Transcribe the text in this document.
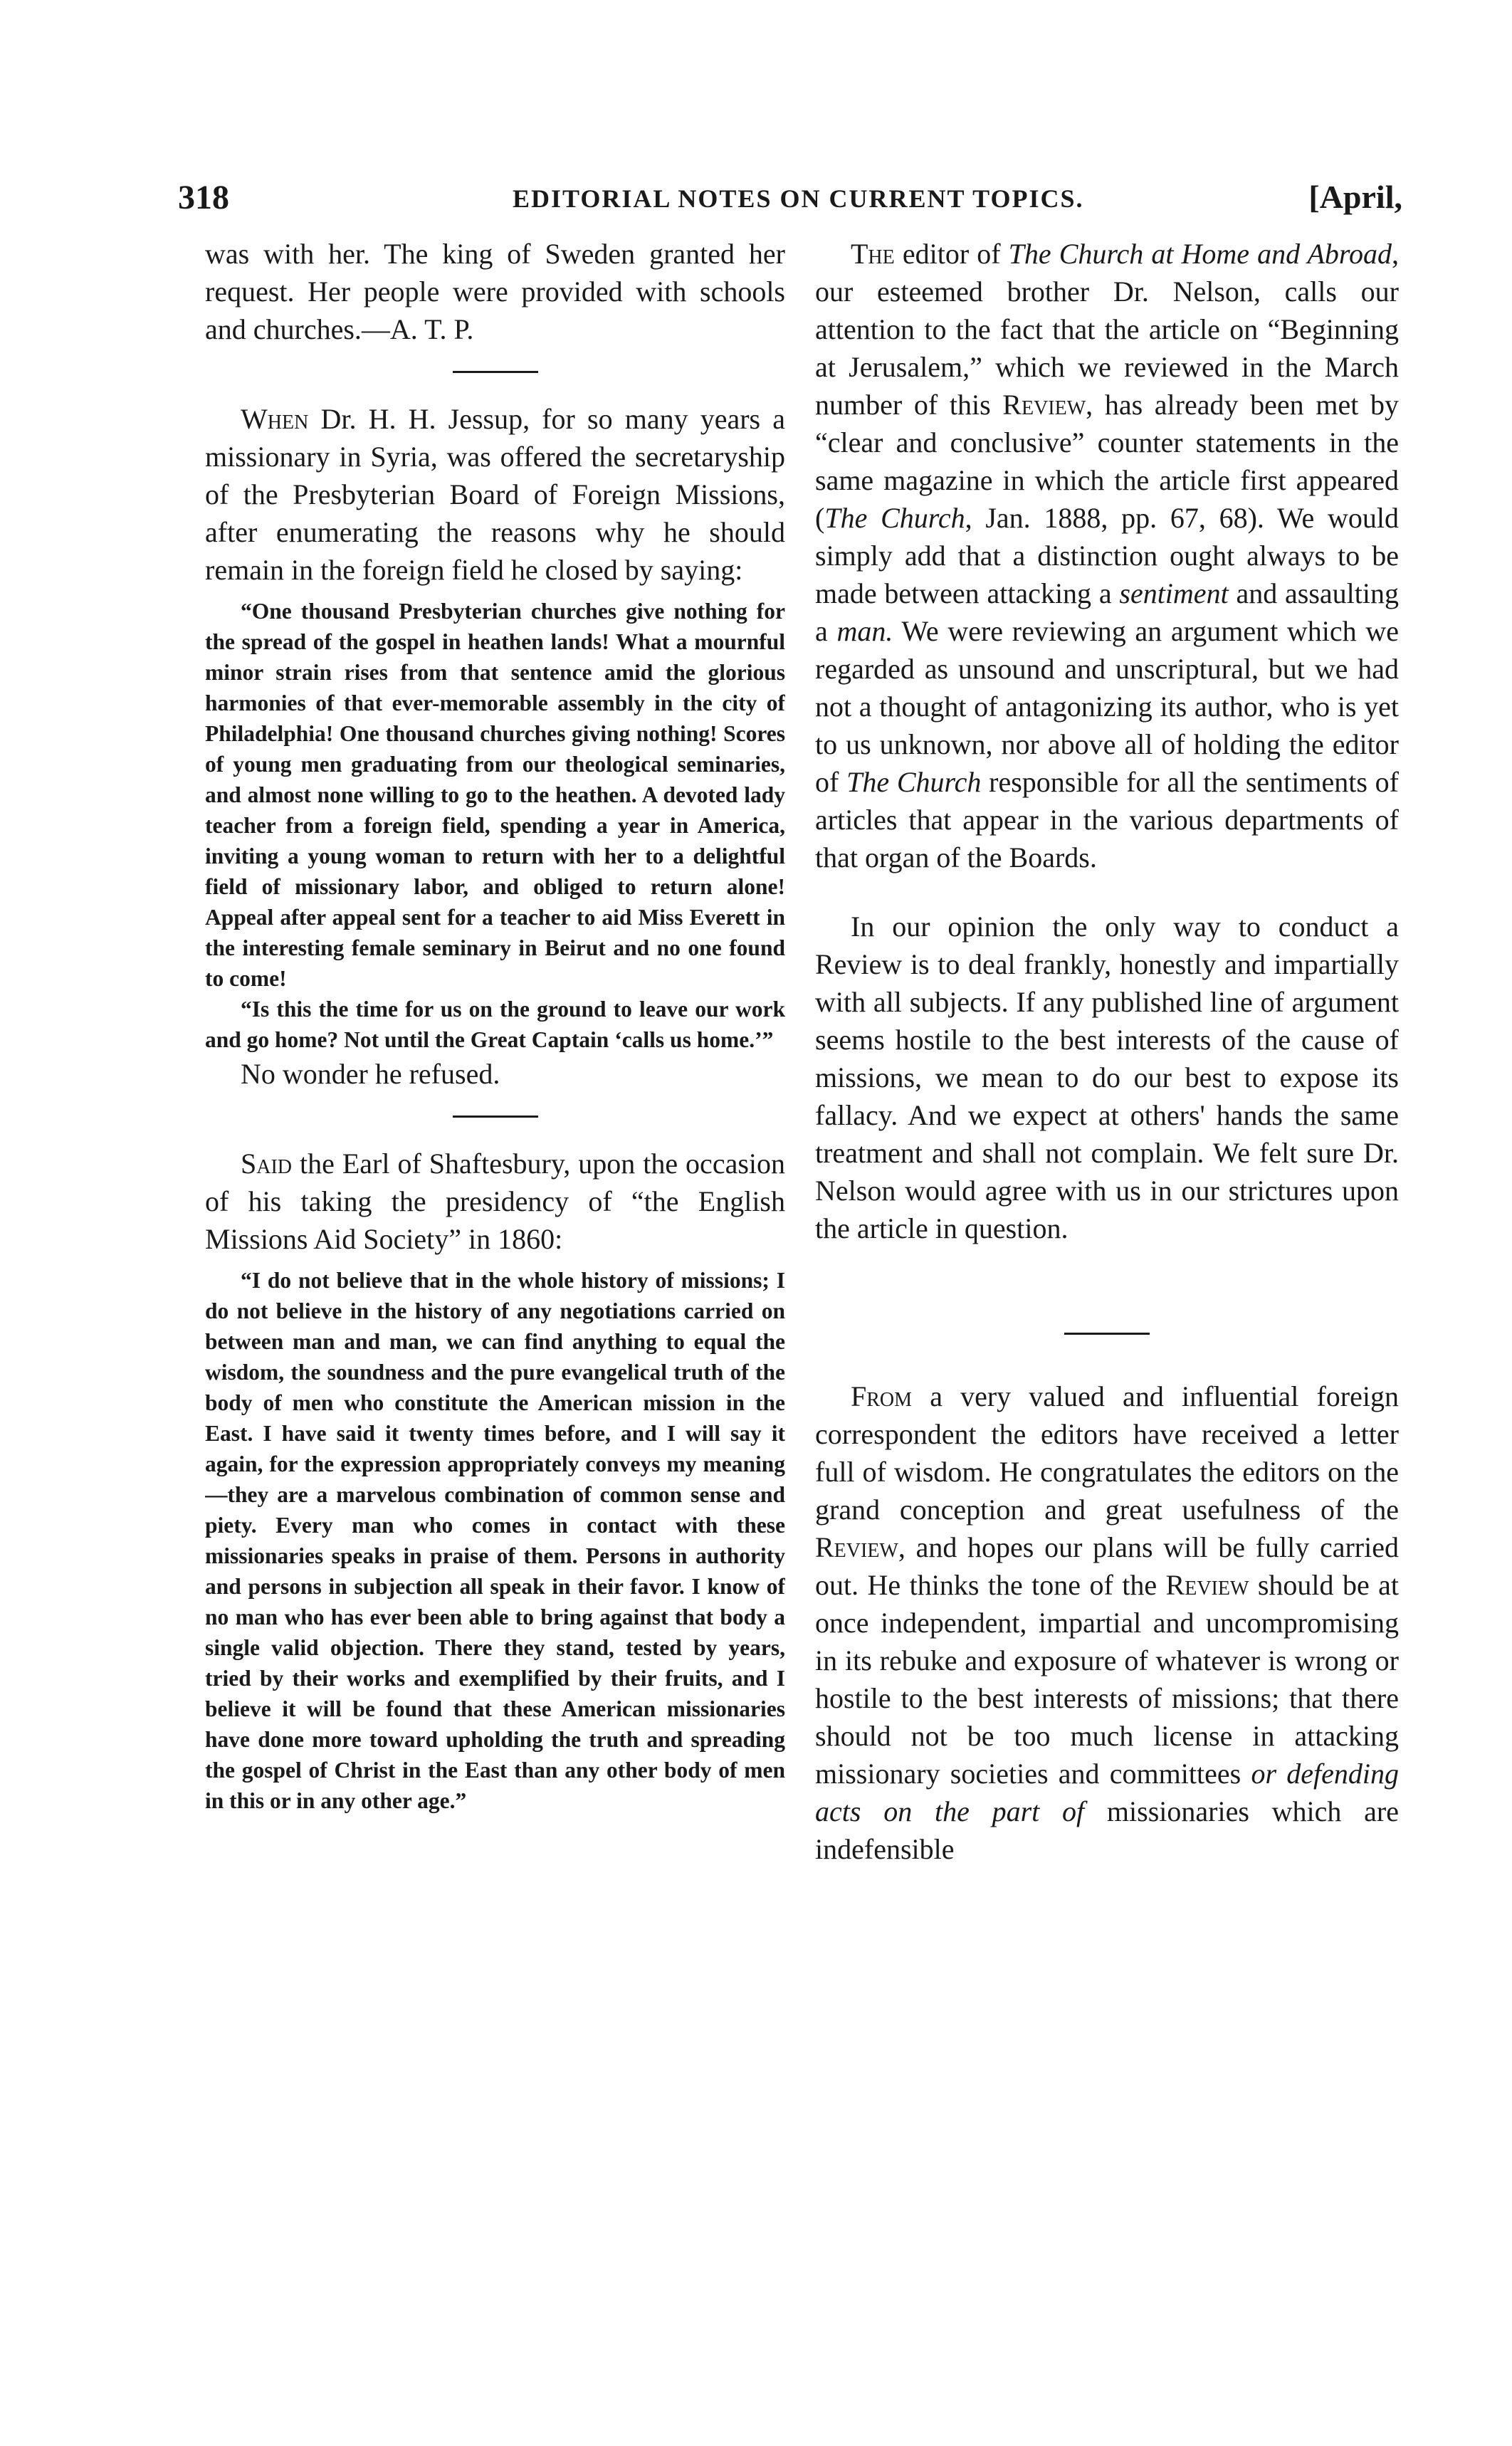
318	EDITORIAL NOTES ON CURRENT TOPICS.	[April,

was with her. The king of Sweden granted her request. Her people were provided with schools and churches.—A. T. P.

When Dr. H. H. Jessup, for so many years a missionary in Syria, was offered the secretaryship of the Presbyterian Board of Foreign Missions, after enumerating the reasons why he should remain in the foreign field he closed by saying:

“One thousand Presbyterian churches give nothing for the spread of the gospel in heathen lands! What a mournful minor strain rises from that sentence amid the glorious harmonies of that ever-memorable assembly in the city of Philadelphia! One thousand churches giving nothing! Scores of young men graduating from our theological seminaries, and almost none willing to go to the heathen. A devoted lady teacher from a foreign field, spending a year in America, inviting a young woman to return with her to a delightful field of missionary labor, and obliged to return alone! Appeal after appeal sent for a teacher to aid Miss Everett in the interesting female seminary in Beirut and no one found to come!

“Is this the time for us on the ground to leave our work and go home? Not until the Great Captain ‘calls us home.’”

No wonder he refused.

Said the Earl of Shaftesbury, upon the occasion of his taking the presidency of “the English Missions Aid Society” in 1860:

“I do not believe that in the whole history of missions; I do not believe in the history of any negotiations carried on between man and man, we can find anything to equal the wisdom, the soundness and the pure evangelical truth of the body of men who constitute the American mission in the East. I have said it twenty times before, and I will say it again, for the expression appropriately conveys my meaning—they are a marvelous combination of common sense and piety. Every man who comes in contact with these missionaries speaks in praise of them. Persons in authority and persons in subjection all speak in their favor. I know of no man who has ever been able to bring against that body a single valid objection. There they stand, tested by years, tried by their works and exemplified by their fruits, and I believe it will be found that these American missionaries have done more toward upholding the truth and spreading the gospel of Christ in the East than any other body of men in this or in any other age.”

The editor of The Church at Home and Abroad, our esteemed brother Dr. Nelson, calls our attention to the fact that the article on “Beginning at Jerusalem,” which we reviewed in the March number of this Review, has already been met by “clear and conclusive” counter statements in the same magazine in which the article first appeared (The Church, Jan. 1888, pp. 67, 68). We would simply add that a distinction ought always to be made between attacking a sentiment and assaulting a man. We were reviewing an argument which we regarded as unsound and unscriptural, but we had not a thought of antagonizing its author, who is yet to us unknown, nor above all of holding the editor of The Church responsible for all the sentiments of articles that appear in the various departments of that organ of the Boards.

In our opinion the only way to conduct a Review is to deal frankly, honestly and impartially with all subjects. If any published line of argument seems hostile to the best interests of the cause of missions, we mean to do our best to expose its fallacy. And we expect at others' hands the same treatment and shall not complain. We felt sure Dr. Nelson would agree with us in our strictures upon the article in question.

From a very valued and influential foreign correspondent the editors have received a letter full of wisdom. He congratulates the editors on the grand conception and great usefulness of the Review, and hopes our plans will be fully carried out. He thinks the tone of the Review should be at once independent, impartial and uncompromising in its rebuke and exposure of whatever is wrong or hostile to the best interests of missions; that there should not be too much license in attacking missionary societies and committees or defending acts on the part of missionaries which are indefensible
